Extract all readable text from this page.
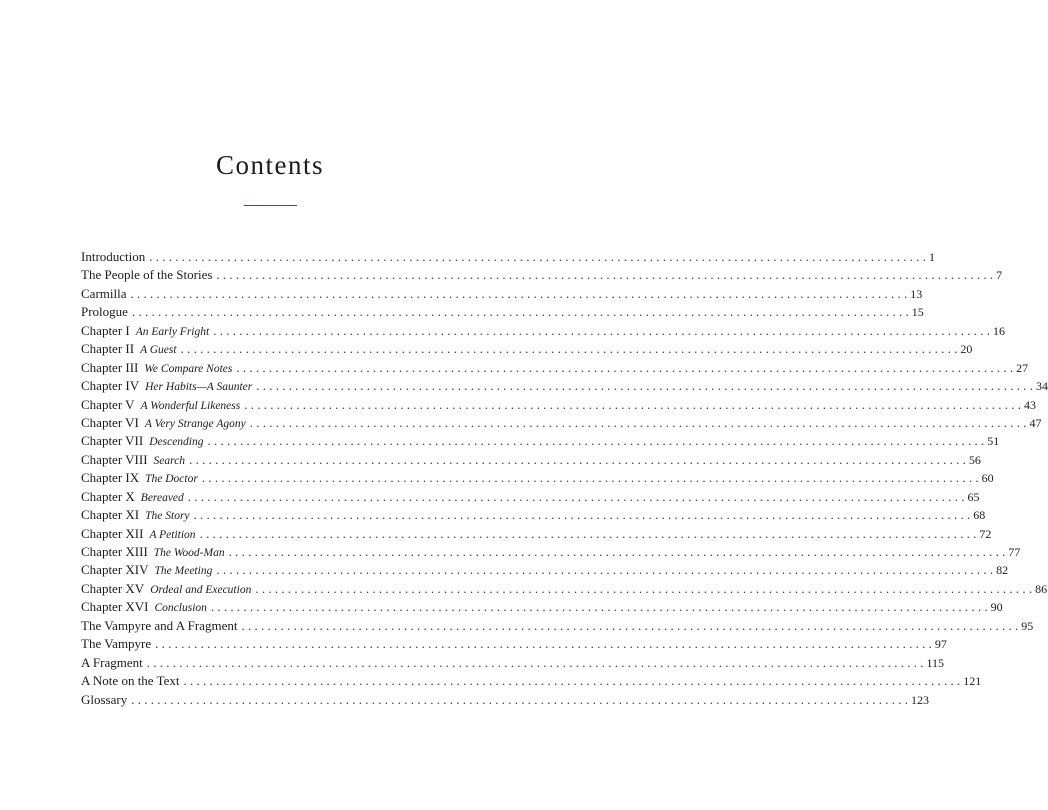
Contents
Introduction . . . . . . . . . . . . . . . . . . . . . . . . . . . . . . . . . . . . . . . . . . . . . . . . . . . . . . . . . . . . . . . . . . . . . . . . . . . . . . . . . . . . . . . . . . . . . . . . . . . . . . . . . . . . . . . . . . . . . . . . 1
The People of the Stories . . . . . . . . . . . . . . . . . . . . . . . . . . . . . . . . . . . . . . . . . . . . . . . . . . . . . . . . . . . . . . . . . . . . . . . . . . . . . . . . . . . . . . . . . . . . . . . . . . . . . . . . . . . . . . . . . . . . . . . . 7
Carmilla . . . . . . . . . . . . . . . . . . . . . . . . . . . . . . . . . . . . . . . . . . . . . . . . . . . . . . . . . . . . . . . . . . . . . . . . . . . . . . . . . . . . . . . . . . . . . . . . . . . . . . . . . . . . . . . . . . . . . . . . 13
Prologue . . . . . . . . . . . . . . . . . . . . . . . . . . . . . . . . . . . . . . . . . . . . . . . . . . . . . . . . . . . . . . . . . . . . . . . . . . . . . . . . . . . . . . . . . . . . . . . . . . . . . . . . . . . . . . . . . . . . . . . . 15
Chapter I An Early Fright . . . . . . . . . . . . . . . . . . . . . . . . . . . . . . . . . . . . . . . . . . . . . . . . . . . . . . . . . . . . . . . . . . . . . . . . . . . . . . . . . . . . . . . . . . . . . . . . . . . . . . . . . . . . . . . . . . . . . . . . 16
Chapter II A Guest . . . . . . . . . . . . . . . . . . . . . . . . . . . . . . . . . . . . . . . . . . . . . . . . . . . . . . . . . . . . . . . . . . . . . . . . . . . . . . . . . . . . . . . . . . . . . . . . . . . . . . . . . . . . . . . . . . . . . . . . 20
Chapter III We Compare Notes . . . . . . . . . . . . . . . . . . . . . . . . . . . . . . . . . . . . . . . . . . . . . . . . . . . . . . . . . . . . . . . . . . . . . . . . . . . . . . . . . . . . . . . . . . . . . . . . . . . . . . . . . . . . . . . . . . . . . . . . 27
Chapter IV Her Habits—A Saunter . . . . . . . . . . . . . . . . . . . . . . . . . . . . . . . . . . . . . . . . . . . . . . . . . . . . . . . . . . . . . . . . . . . . . . . . . . . . . . . . . . . . . . . . . . . . . . . . . . . . . . . . . . . . . . . . . . . . . . . . 34
Chapter V A Wonderful Likeness . . . . . . . . . . . . . . . . . . . . . . . . . . . . . . . . . . . . . . . . . . . . . . . . . . . . . . . . . . . . . . . . . . . . . . . . . . . . . . . . . . . . . . . . . . . . . . . . . . . . . . . . . . . . . . . . . . . . . . . . 43
Chapter VI A Very Strange Agony . . . . . . . . . . . . . . . . . . . . . . . . . . . . . . . . . . . . . . . . . . . . . . . . . . . . . . . . . . . . . . . . . . . . . . . . . . . . . . . . . . . . . . . . . . . . . . . . . . . . . . . . . . . . . . . . . . . . . . . . 47
Chapter VII Descending . . . . . . . . . . . . . . . . . . . . . . . . . . . . . . . . . . . . . . . . . . . . . . . . . . . . . . . . . . . . . . . . . . . . . . . . . . . . . . . . . . . . . . . . . . . . . . . . . . . . . . . . . . . . . . . . . . . . . . . . 51
Chapter VIII Search . . . . . . . . . . . . . . . . . . . . . . . . . . . . . . . . . . . . . . . . . . . . . . . . . . . . . . . . . . . . . . . . . . . . . . . . . . . . . . . . . . . . . . . . . . . . . . . . . . . . . . . . . . . . . . . . . . . . . . . . 56
Chapter IX The Doctor . . . . . . . . . . . . . . . . . . . . . . . . . . . . . . . . . . . . . . . . . . . . . . . . . . . . . . . . . . . . . . . . . . . . . . . . . . . . . . . . . . . . . . . . . . . . . . . . . . . . . . . . . . . . . . . . . . . . . . . . 60
Chapter X Bereaved . . . . . . . . . . . . . . . . . . . . . . . . . . . . . . . . . . . . . . . . . . . . . . . . . . . . . . . . . . . . . . . . . . . . . . . . . . . . . . . . . . . . . . . . . . . . . . . . . . . . . . . . . . . . . . . . . . . . . . . . 65
Chapter XI The Story . . . . . . . . . . . . . . . . . . . . . . . . . . . . . . . . . . . . . . . . . . . . . . . . . . . . . . . . . . . . . . . . . . . . . . . . . . . . . . . . . . . . . . . . . . . . . . . . . . . . . . . . . . . . . . . . . . . . . . . . 68
Chapter XII A Petition . . . . . . . . . . . . . . . . . . . . . . . . . . . . . . . . . . . . . . . . . . . . . . . . . . . . . . . . . . . . . . . . . . . . . . . . . . . . . . . . . . . . . . . . . . . . . . . . . . . . . . . . . . . . . . . . . . . . . . . . 72
Chapter XIII The Wood-Man . . . . . . . . . . . . . . . . . . . . . . . . . . . . . . . . . . . . . . . . . . . . . . . . . . . . . . . . . . . . . . . . . . . . . . . . . . . . . . . . . . . . . . . . . . . . . . . . . . . . . . . . . . . . . . . . . . . . . . . . 77
Chapter XIV The Meeting . . . . . . . . . . . . . . . . . . . . . . . . . . . . . . . . . . . . . . . . . . . . . . . . . . . . . . . . . . . . . . . . . . . . . . . . . . . . . . . . . . . . . . . . . . . . . . . . . . . . . . . . . . . . . . . . . . . . . . . . 82
Chapter XV Ordeal and Execution . . . . . . . . . . . . . . . . . . . . . . . . . . . . . . . . . . . . . . . . . . . . . . . . . . . . . . . . . . . . . . . . . . . . . . . . . . . . . . . . . . . . . . . . . . . . . . . . . . . . . . . . . . . . . . . . . . . . . . . . 86
Chapter XVI Conclusion . . . . . . . . . . . . . . . . . . . . . . . . . . . . . . . . . . . . . . . . . . . . . . . . . . . . . . . . . . . . . . . . . . . . . . . . . . . . . . . . . . . . . . . . . . . . . . . . . . . . . . . . . . . . . . . . . . . . . . . . 90
The Vampyre and A Fragment . . . . . . . . . . . . . . . . . . . . . . . . . . . . . . . . . . . . . . . . . . . . . . . . . . . . . . . . . . . . . . . . . . . . . . . . . . . . . . . . . . . . . . . . . . . . . . . . . . . . . . . . . . . . . . . . . . . . . . . . 95
The Vampyre . . . . . . . . . . . . . . . . . . . . . . . . . . . . . . . . . . . . . . . . . . . . . . . . . . . . . . . . . . . . . . . . . . . . . . . . . . . . . . . . . . . . . . . . . . . . . . . . . . . . . . . . . . . . . . . . . . . . . . . . 97
A Fragment . . . . . . . . . . . . . . . . . . . . . . . . . . . . . . . . . . . . . . . . . . . . . . . . . . . . . . . . . . . . . . . . . . . . . . . . . . . . . . . . . . . . . . . . . . . . . . . . . . . . . . . . . . . . . . . . . . . . . . . . 115
A Note on the Text . . . . . . . . . . . . . . . . . . . . . . . . . . . . . . . . . . . . . . . . . . . . . . . . . . . . . . . . . . . . . . . . . . . . . . . . . . . . . . . . . . . . . . . . . . . . . . . . . . . . . . . . . . . . . . . . . . . . . . . . 121
Glossary . . . . . . . . . . . . . . . . . . . . . . . . . . . . . . . . . . . . . . . . . . . . . . . . . . . . . . . . . . . . . . . . . . . . . . . . . . . . . . . . . . . . . . . . . . . . . . . . . . . . . . . . . . . . . . . . . . . . . . . . 123
